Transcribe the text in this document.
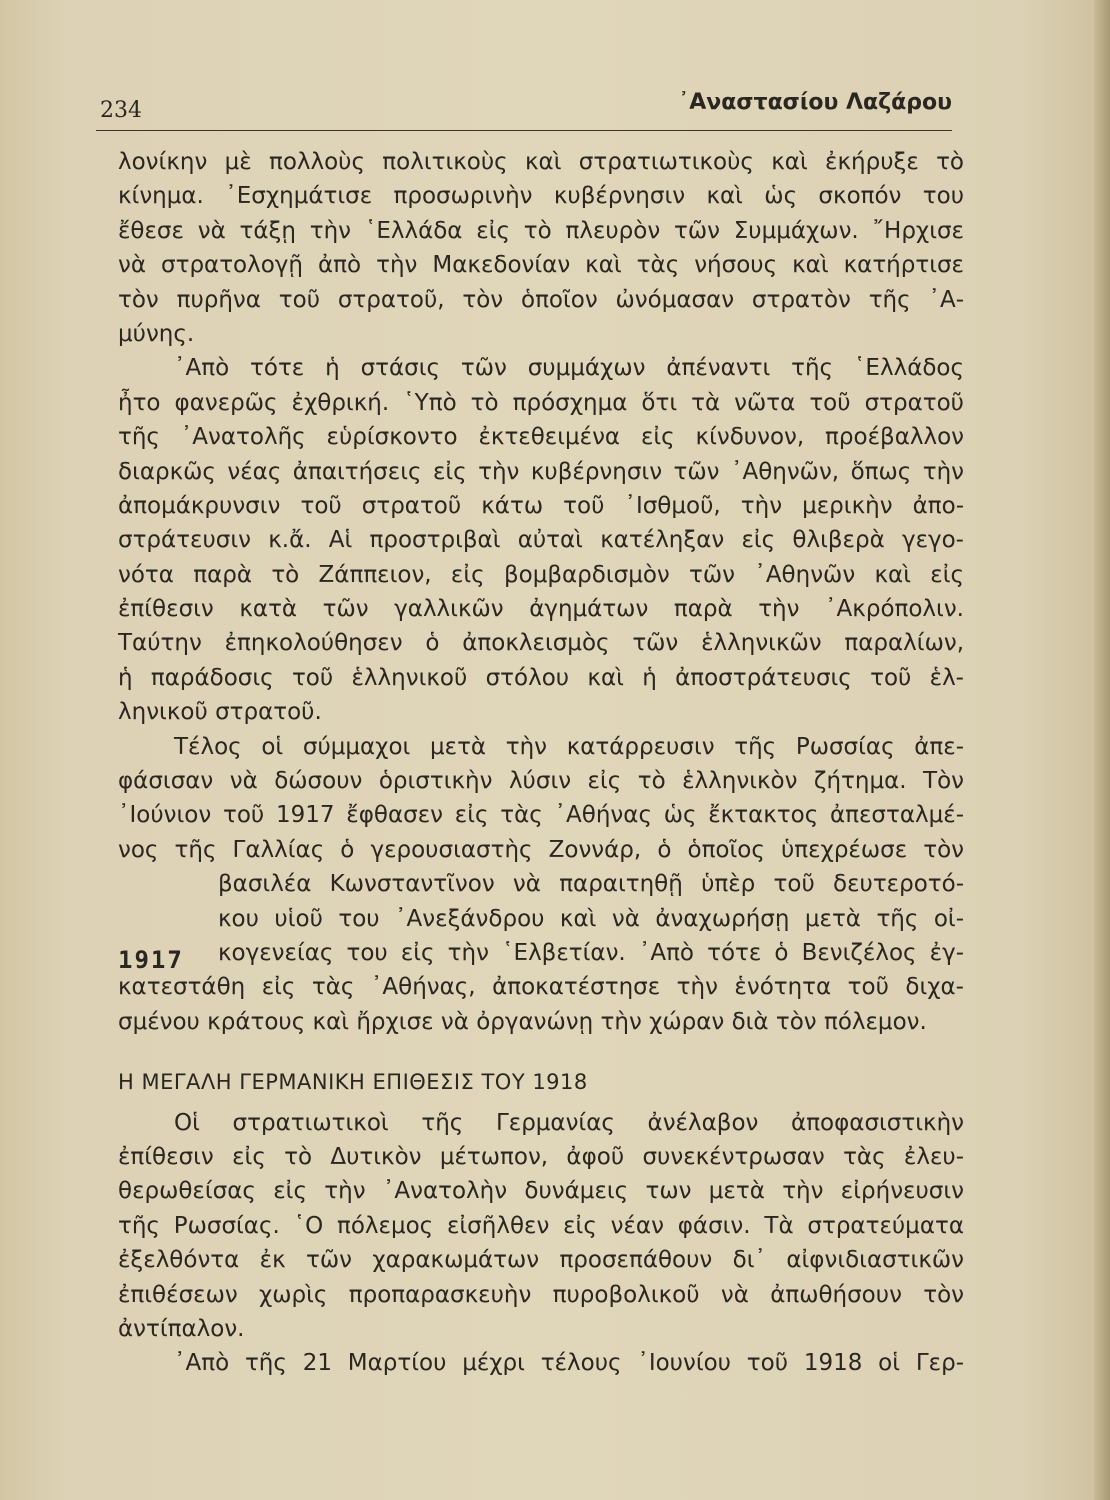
234	᾿Αναστασίου Λαζάρου
1917
λονίκην μὲ πολλοὺς πολιτικοὺς καὶ στρατιωτικοὺς καὶ ἐκήρυξε τὸ
κίνημα. ᾿Εσχημάτισε προσωρινὴν κυβέρνησιν καὶ ὡς σκοπόν του
ἔθεσε νὰ τάξῃ τὴν ῾Ελλάδα εἰς τὸ πλευρὸν τῶν Συμμάχων. ῎Ηρχισε
νὰ στρατολογῇ ἀπὸ τὴν Μακεδονίαν καὶ τὰς νήσους καὶ κατήρτισε
τὸν πυρῆνα τοῦ στρατοῦ, τὸν ὁποῖον ὠνόμασαν στρατὸν τῆς ᾿Α-
μύνης.
᾿Απὸ τότε ἡ στάσις τῶν συμμάχων ἀπέναντι τῆς ῾Ελλάδος
ἦτο φανερῶς ἐχθρική. ῾Υπὸ τὸ πρόσχημα ὅτι τὰ νῶτα τοῦ στρατοῦ
τῆς ᾿Ανατολῆς εὑρίσκοντο ἐκτεθειμένα εἰς κίνδυνον, προέβαλλον
διαρκῶς νέας ἀπαιτήσεις εἰς τὴν κυβέρνησιν τῶν ᾿Αθηνῶν, ὅπως τὴν
ἀπομάκρυνσιν τοῦ στρατοῦ κάτω τοῦ ᾿Ισθμοῦ, τὴν μερικὴν ἀπο-
στράτευσιν κ.ἄ. Αἱ προστριβαὶ αὐταὶ κατέληξαν εἰς θλιβερὰ γεγο-
νότα παρὰ τὸ Ζάππειον, εἰς βομβαρδισμὸν τῶν ᾿Αθηνῶν καὶ εἰς
ἐπίθεσιν κατὰ τῶν γαλλικῶν ἀγημάτων παρὰ τὴν ᾿Ακρόπολιν.
Ταύτην ἐπηκολούθησεν ὁ ἀποκλεισμὸς τῶν ἑλληνικῶν παραλίων,
ἡ παράδοσις τοῦ ἑλληνικοῦ στόλου καὶ ἡ ἀποστράτευσις τοῦ ἑλ-
ληνικοῦ στρατοῦ.
Τέλος οἱ σύμμαχοι μετὰ τὴν κατάρρευσιν τῆς Ρωσσίας ἀπε-
φάσισαν νὰ δώσουν ὁριστικὴν λύσιν εἰς τὸ ἑλληνικὸν ζήτημα. Τὸν
᾿Ιούνιον τοῦ 1917 ἔφθασεν εἰς τὰς ᾿Αθήνας ὡς ἔκτακτος ἀπεσταλμέ-
νος τῆς Γαλλίας ὁ γερουσιαστὴς Ζοννάρ, ὁ ὁποῖος ὑπεχρέωσε τὸν
βασιλέα Κωνσταντῖνον νὰ παραιτηθῇ ὑπὲρ τοῦ δευτεροτό-
κου υἱοῦ του ᾿Ανεξάνδρου καὶ νὰ ἀναχωρήσῃ μετὰ τῆς οἰ-
κογενείας του εἰς τὴν ῾Ελβετίαν. ᾿Απὸ τότε ὁ Βενιζέλος ἐγ-
κατεστάθη εἰς τὰς ᾿Αθήνας, ἀποκατέστησε τὴν ἑνότητα τοῦ διχα-
σμένου κράτους καὶ ἤρχισε νὰ ὀργανώνῃ τὴν χώραν διὰ τὸν πόλεμον.
Η ΜΕΓΑΛΗ ΓΕΡΜΑΝΙΚΗ ΕΠΙΘΕΣΙΣ ΤΟΥ 1918
Οἱ στρατιωτικοὶ τῆς Γερμανίας ἀνέλαβον ἀποφασιστικὴν
ἐπίθεσιν εἰς τὸ Δυτικὸν μέτωπον, ἀφοῦ συνεκέντρωσαν τὰς ἐλευ-
θερωθείσας εἰς τὴν ᾿Ανατολὴν δυνάμεις των μετὰ τὴν εἰρήνευσιν
τῆς Ρωσσίας. ῾Ο πόλεμος εἰσῆλθεν εἰς νέαν φάσιν. Τὰ στρατεύματα
ἐξελθόντα ἐκ τῶν χαρακωμάτων προσεπάθουν δι᾿ αἰφνιδιαστικῶν
ἐπιθέσεων χωρὶς προπαρασκευὴν πυροβολικοῦ νὰ ἀπωθήσουν τὸν
ἀντίπαλον.
᾿Απὸ τῆς 21 Μαρτίου μέχρι τέλους ᾿Ιουνίου τοῦ 1918 οἱ Γερ-
